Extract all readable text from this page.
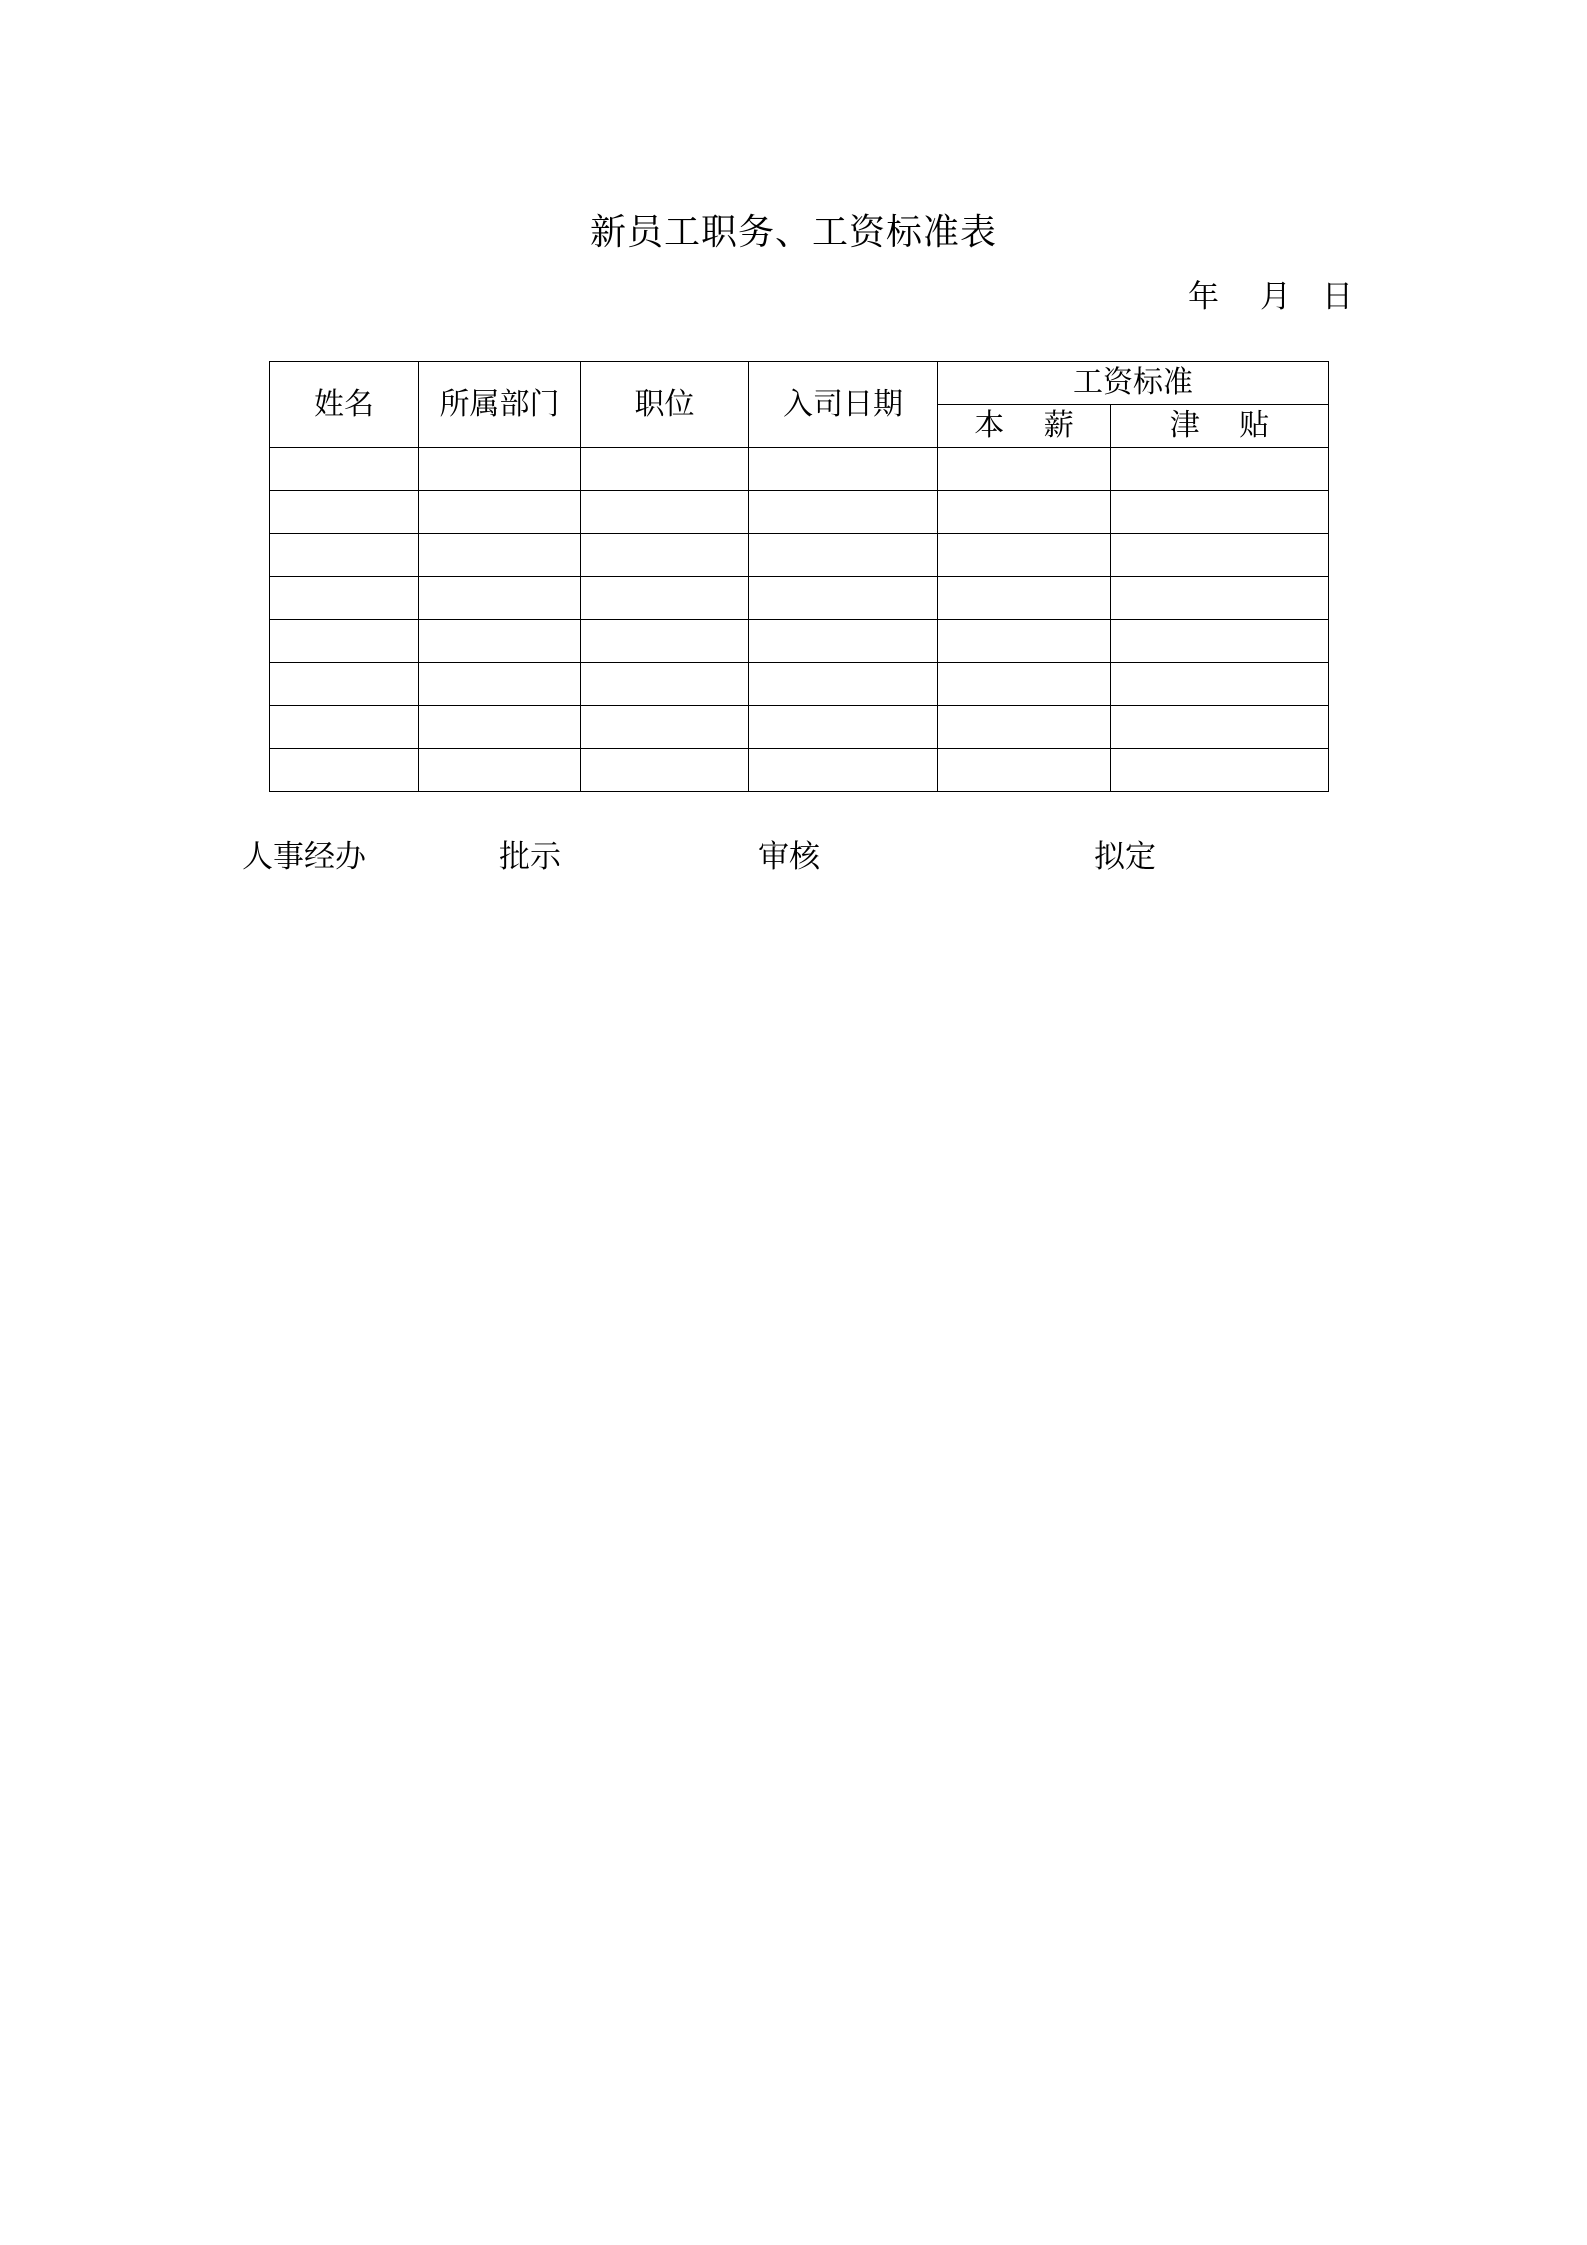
新员工职务、工资标准表
年 月 日
姓名	所属部门	职位	入司日期	工资标准	
				本　 薪	津　 贴

人事经办	批示	审核	拟定
